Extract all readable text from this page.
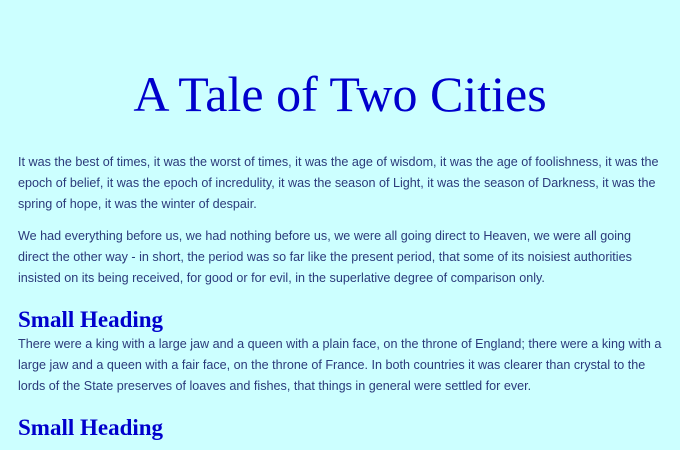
A Tale of Two Cities

It was the best of times, it was the worst of times, it was the age of wisdom, it was the age of foolishness, it was the epoch of belief, it was the epoch of incredulity, it was the season of Light, it was the season of Darkness, it was the spring of hope, it was the winter of despair.

We had everything before us, we had nothing before us, we were all going direct to Heaven, we were all going direct the other way - in short, the period was so far like the present period, that some of its noisiest authorities insisted on its being received, for good or for evil, in the superlative degree of comparison only.

Small Heading

There were a king with a large jaw and a queen with a plain face, on the throne of England; there were a king with a large jaw and a queen with a fair face, on the throne of France. In both countries it was clearer than crystal to the lords of the State preserves of loaves and fishes, that things in general were settled for ever.

Small Heading
